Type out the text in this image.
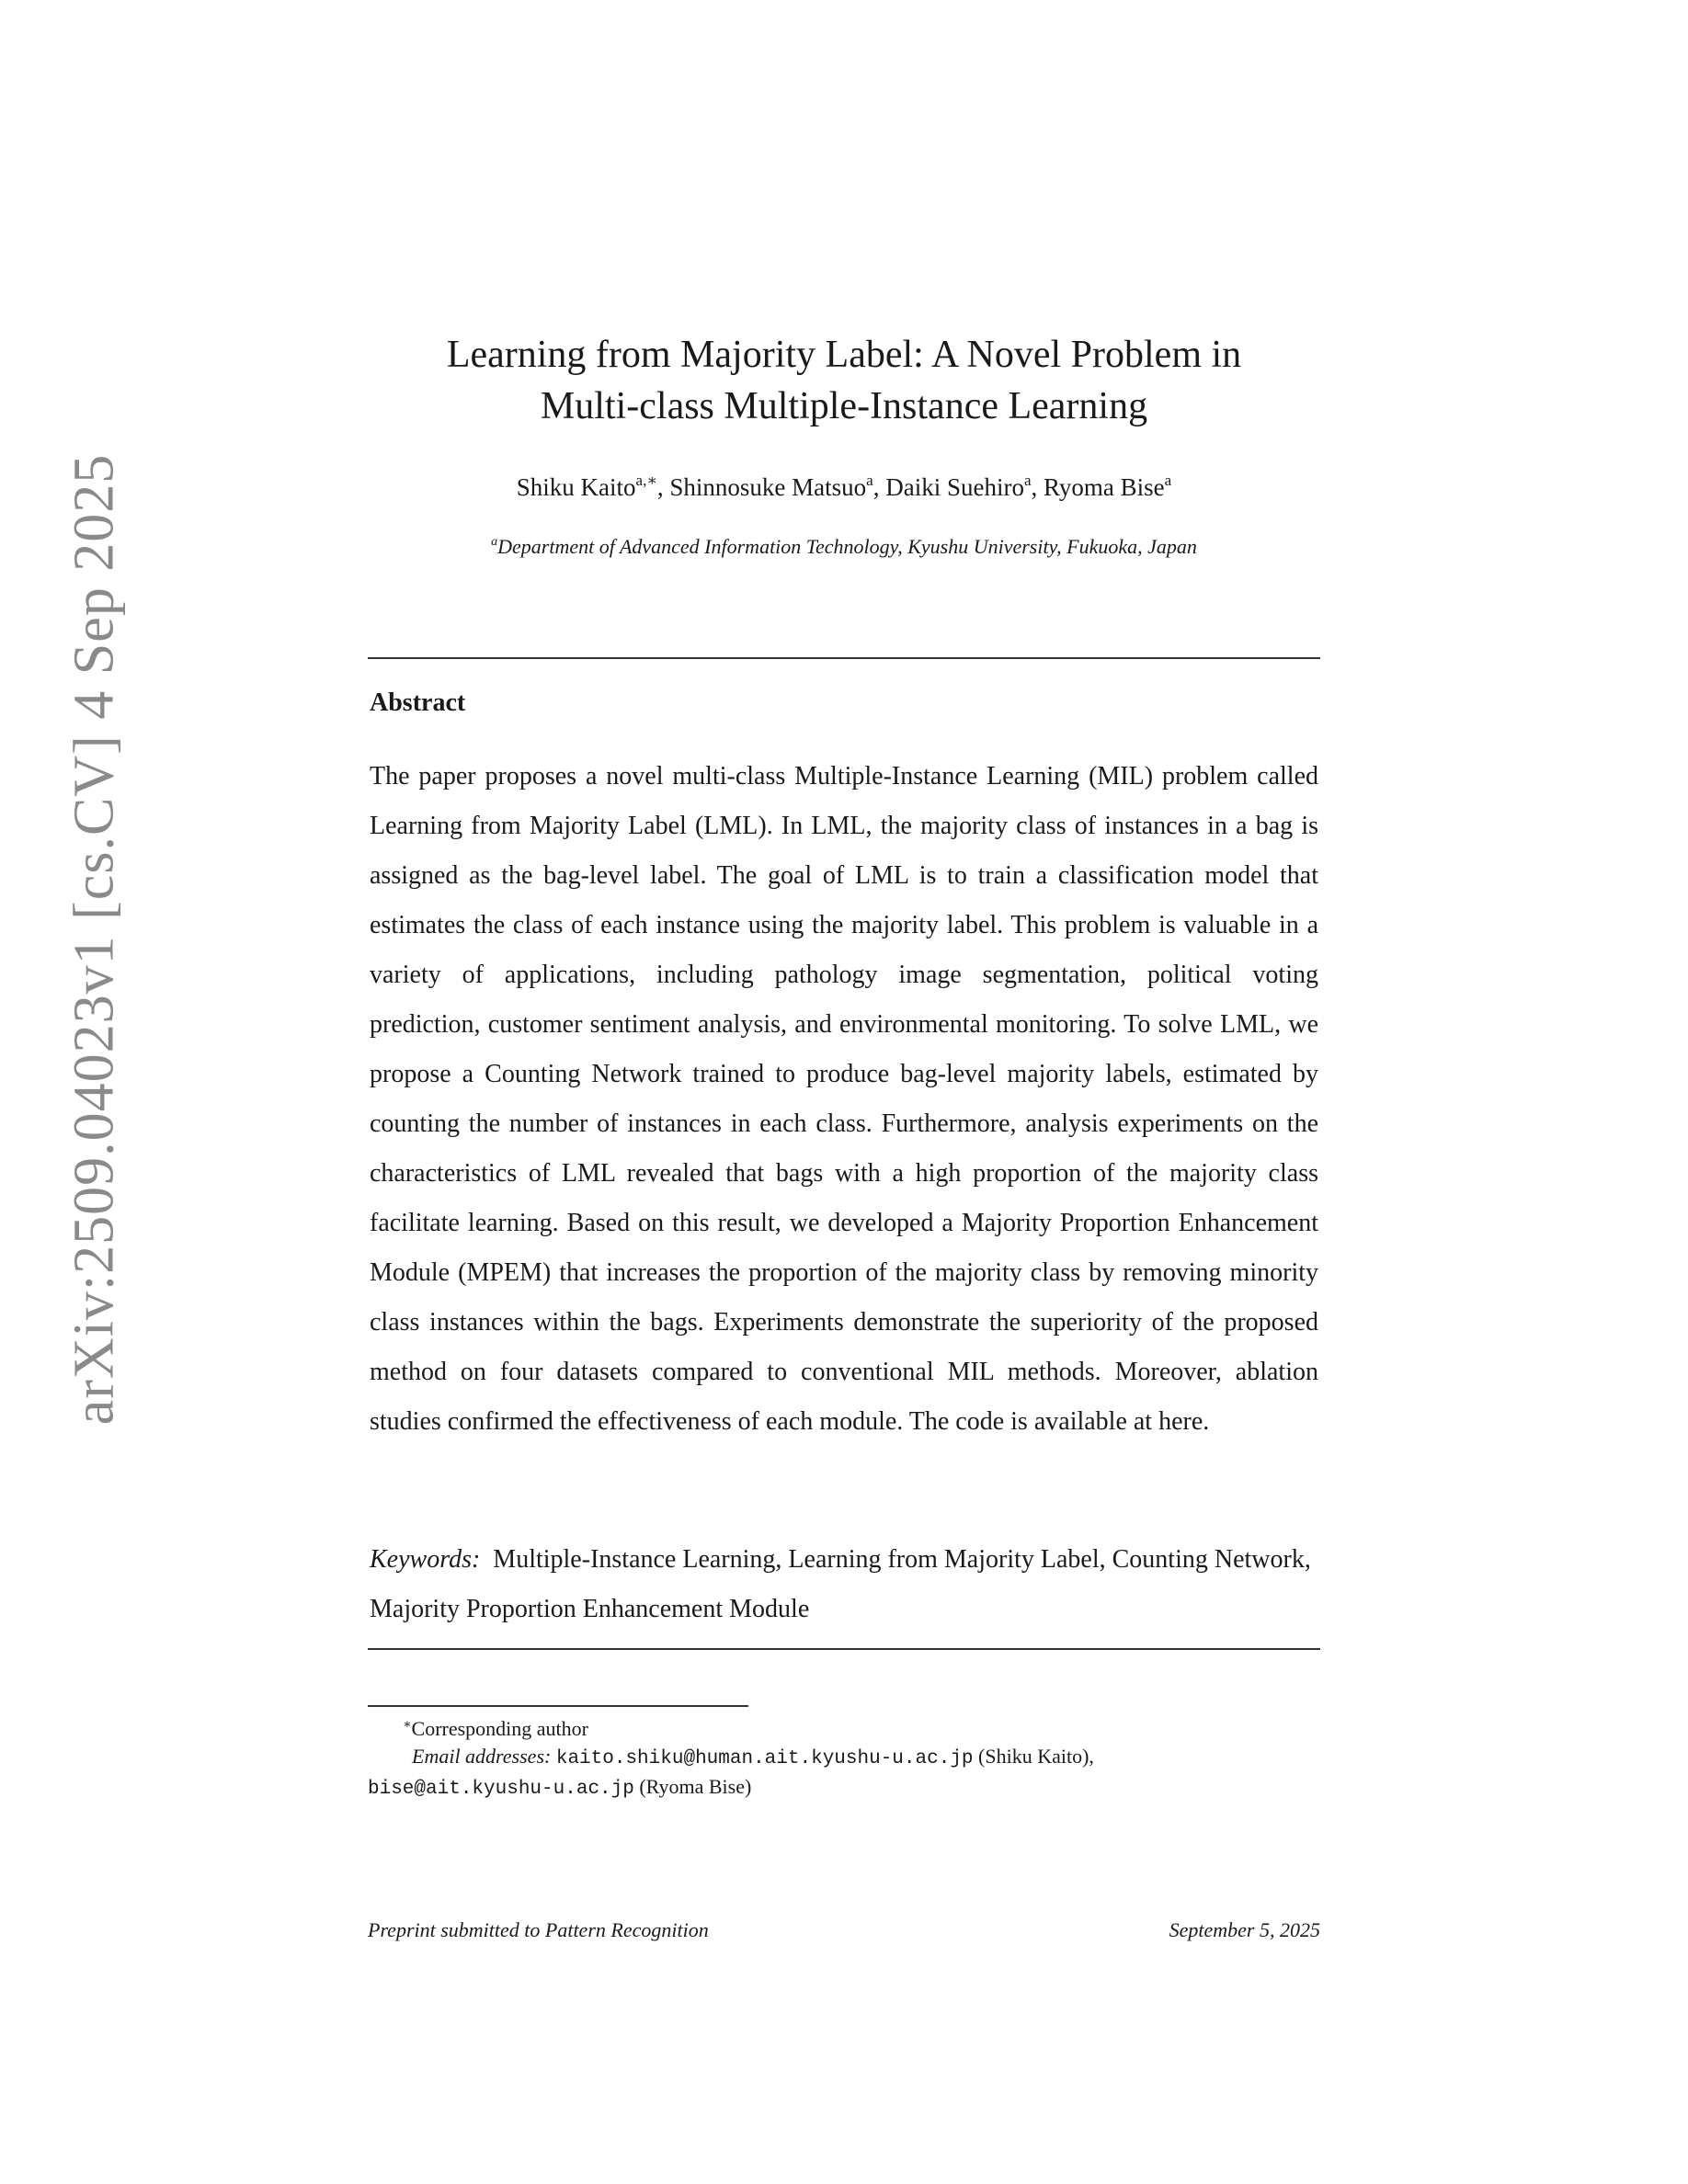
arXiv:2509.04023v1 [cs.CV] 4 Sep 2025
Learning from Majority Label: A Novel Problem in
Multi-class Multiple-Instance Learning

Shiku Kaito$^{a,∗}$, Shinnosuke Matsuo$^a$, Daiki Suehiro$^a$, Ryoma Bise$^a$

$^a$Department of Advanced Information Technology, Kyushu University, Fukuoka, Japan

Abstract

The paper proposes a novel multi-class Multiple-Instance Learning (MIL) problem called Learning from Majority Label (LML). In LML, the majority class of instances in a bag is assigned as the bag-level label. The goal of LML is to train a classification model that estimates the class of each instance using the majority label. This problem is valuable in a variety of applications, including pathology image segmentation, political voting prediction, customer sentiment analysis, and environmental monitoring. To solve LML, we propose a Counting Network trained to produce bag-level majority labels, estimated by counting the number of instances in each class. Furthermore, analysis experiments on the characteristics of LML revealed that bags with a high proportion of the majority class facilitate learning. Based on this result, we developed a Majority Proportion Enhancement Module (MPEM) that increases the proportion of the majority class by removing minority class instances within the bags. Experiments demonstrate the superiority of the proposed method on four datasets compared to conventional MIL methods. Moreover, ablation studies confirmed the effectiveness of each module. The code is available at here.

Keywords: Multiple-Instance Learning, Learning from Majority Label, Counting Network, Majority Proportion Enhancement Module

∗Corresponding author
Email addresses: kaito.shiku@human.ait.kyushu-u.ac.jp (Shiku Kaito),
bise@ait.kyushu-u.ac.jp (Ryoma Bise)
Preprint submitted to Pattern Recognition	September 5, 2025
